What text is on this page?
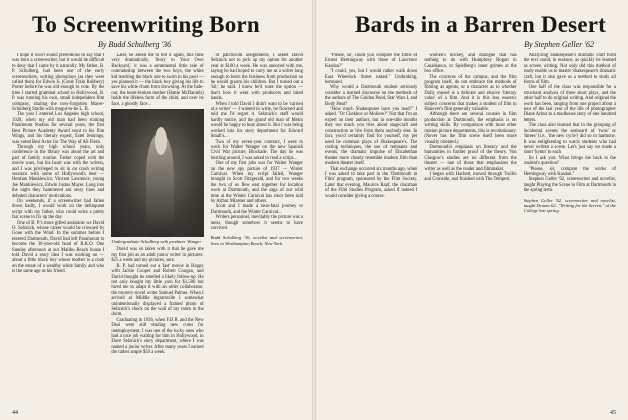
To Screenwriting Born
By Budd Schulberg '36

I hope it won't sound pretentious to say that I was born a screenwriter, but it would be difficult to deny that I came by it naturally. My father, B. P. Schulberg, had been one of the early screenwriters, writing photoplays (as they were called then) for Edwin S. (Great Train Robbery) Porter before he was old enough to vote. By the time I started grammar school in Hollywood, B. P. was running his own, small independent film company, sharing the now-forgotten Mayer-Schulberg Studio with mogul-to-be L. B.

The year I entered Los Angeles high school, 1928, when my old man had been running Paramount Studios for several years, the first Best Picture Academy Award went to his film Wings, and his literary expert, Estel Jennings, was voted Best Actor for The Way of All Flesh.

Through my high school years, only conference in the library was about the art and part of family routine. Father coped with the movie wars, but his heart was with the writers, and I was privileged to sit in on crash writing sessions with some of Hollywood's best — Herman Mankiewicz, Vincent Lawrence, young Joe Mankiewicz, Edwin Justus Mayer. Long into the night they hammered out story lines and debated characters' motivations.

On weekends, if a screenwriter had fallen down badly, I would work on the delinquent script with my father, who could write a pretty fair scene to fix up the day.

One of B. P.'s more gifted assistants we David O. Selznick, whose career would be crowned by Gone with the Wind. In the summer before I entered Dartmouth, David had left Paramount to become the 30-year-old head of R.K.O. One Sunday afternoon at our Malibu Beach house I told David a story idea I was working on — about a little black boy whose mother is a cook on the estate of a wealthy white family and who is the same age as his friend.

Later, he asked me to tell it again, this time very dramatically. 'Story to Your Own Backyard,' it was a sentimental little tale of comradeship between the two boys, the white kid teaching the black one to swim in his pool — yes planned it — the black boy giving his life to save his white chum from drowning. At the fade-out, the heart-broken mother (Hattie McDaniels) holds the lifeless form of the child, and over its face, a ghostly face...

Undergraduate Schulberg with producer Wanger

David was so taken with it that he gave me my first job as an adult junior writer in pictures: $25 a week and my pictures, sure.

B. P. had turned out a 'last' movie in Happy with Jackie Cooper and Robert Coogan, and David thought he smelled a likely follow-up. He not only bought my little yarn for $1,500 but hired me to adapt it with an older collaborator, the mystery-novel writer Samuel Palmer. When I arrived at Middle Ingramville I somewhat unintentionally displayed a framed photo of Selznick's check on the wall of my room in the dorm.

Graduating in 1936, when F.D.R. and the New Deal were still tending new cures for unemployment, I was one of the lucky ones who had a nice job waiting for him in Hollywood, in Dave Selznick's story department, where I was named a junior writer. After many years I earned the rather ample $50 a week.

of patchwork assignments, I asked David Selznick not to pick up my option for another year at $100 a week. He was annoyed with me, saying he had hoped to carry me as a writer long enough to learn the business from production so he would groom his children. But I turned out a 'hit,' he said. I knew he'd want the option — that's how it went with producers and hired hands.

When I told David I didn't want to be 'carried at a writer' — I wanted to write, he frowned and told me I'd regret it. Selznick's staff would hardly notice, and the grand old man of Metro would be happy to hear about it. But I was being worked into his story department for Edward Small's...

Two of my seven-year contract, I went to work for Walter Wanger on the new Spanish Civil War picture, Blockade. The day he was bustling around, I was asked to read a script...

One of my first jobs was for Walter Wanger on the new spy picture of 1937 — Winter Carnival. When my script failed, Wanger brought in Scott Fitzgerald, and for two weeks the two of us flew east together for location work at Dartmouth, and the saga of our wild time at the Winter Carnival has since been told by Arthur Mizener and others.

Scott and I made a near-fatal journey to Dartmouth, and the Winter Carnival...

Writers personnel, inevitably the picture was a mess, though somehow it seems to have survived.

Budd Schulberg '36, novelist and screenwriter, lives in Westhampton Beach, New York.
44
Bards in a Barren Desert
By Stephen Geller '62

"Please, sir, could you compare the films of Ernest Hemingway with those of Lawrence Kasdan?"

"I could, yes, but I would rather walk down East Wheelock Street naked." Unthinking, bemused.

Why would a Dartmouth student seriously consider a learned discourse on the methods of the authors of The Golden Pond, Star Wars I, and Body Heat?

"How much Shakespeare have you read?" I asked. "Or Chekhov or Moliere?" Not that I'm an expert on their authors, but in one-title months they too much you tries about stagecraft and construction or live from them anybody else. In fact, you'd certainly find for yourself, my pet need be common plays of Shakespeare's. The cutting techniques, the use of remnants and events, the dramatic impulse of Elizabethan theater more closely resemble modern film than modern theater itself.

That exchange occurred six months ago, when I was asked to take part in the 'Dartmouth in Film' program, sponsored by the Film Society. Later that evening, Maurice Rapf, the chairman of the Film Studies Program, asked if indeed I would consider giving a course.

women's hockey, and dialogue that has nothing to do with Humphrey Bogart in Casablanca, or Spielberg's inner grimes at the box office.

The concerns of the campus, and the film program itself, do not embrace the methods of filming as agents, or a character as to whether Dolly mused is a delicate and elusive 'literary value' of a film. And it is this less esoteric subject concerns that makes a student of film in Hanover's film generally valuable.

Although there are several courses in film production at Dartmouth, the emphasis is on writing skills. By comparison with most other motion picture departments, this is revolutionary. (Never has the film scene itself been more visually oriented.)

Dartmouth's emphasis on literacy and the humanities in further proof of the theory. Von Glasgow's studies are no different from the theater — one of those that emphasizes the writer as well as the reader and filmmaker.

I began with Hachett, moved through Trollio and Cronside, and finished with The Tempest.

Analyzing Shakespeare's dramatic craft from the text could, in essence, as quickly be learned as screen writing. Not only did this method of study enable us to master Shakespeare's dramatic craft, but it also gave us a method to study all forms of film.

One half of the class was responsible for a structural analysis of three short plays, and the other half to do original writing. And original the work has been, ranging from one project about a tour of the last year of the life of photographer Diane Arbus to a madhouse story of one hundred letters.

The class also learned that in the grouping of incidental scenes the seaboard of 'twos' or 'threes' (i.e., 'the new cycle') did so in harmony. It was enlightening to watch students who had never written a scene. Let's just say we made a short 'hymn' to each

So I ask you: What brings me back to the student's question?

"Please, sir, compare the works of Hemingway with Kasdan."

Stephen Geller '62, screenwriter and novelist, taught Playing the Scene in Film at Dartmouth in the spring term.

Stephen Geller '62, screenwriter and novelist, taught Drama 62: "Writing for the Screen," at the College last spring.
45
